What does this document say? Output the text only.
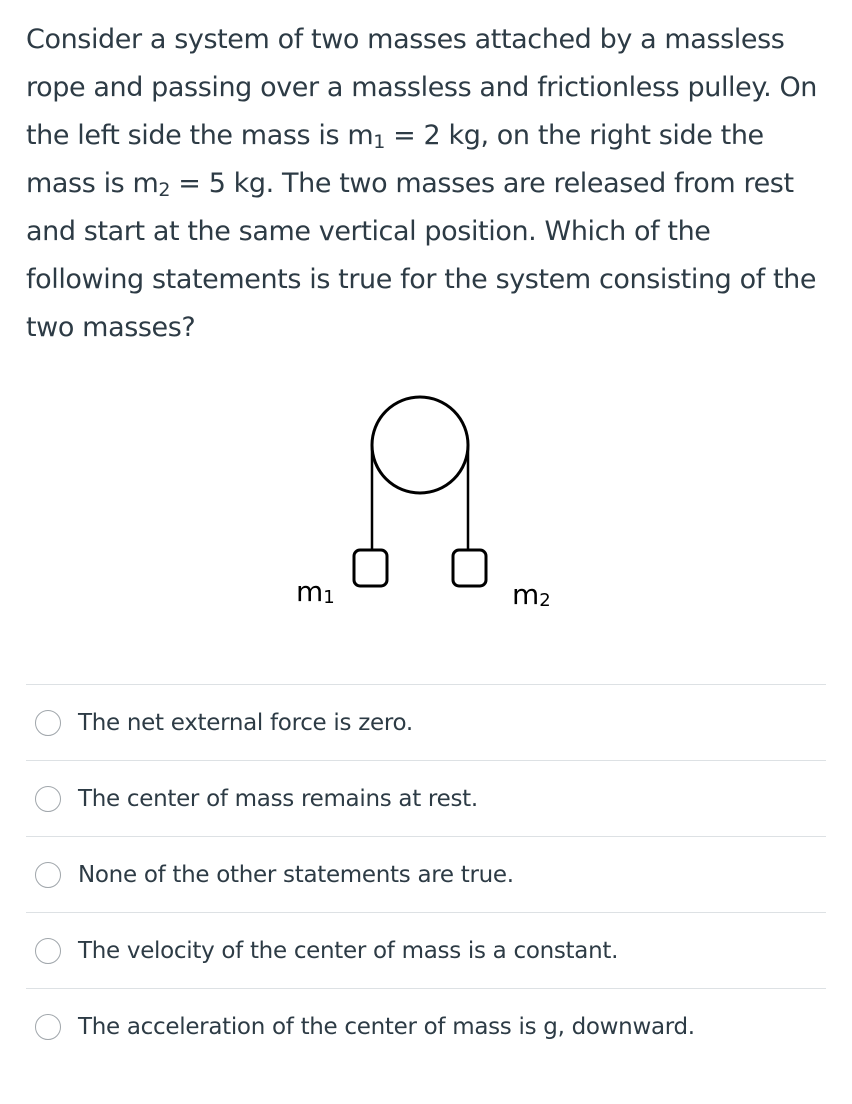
Consider a system of two masses attached by a massless rope and passing over a massless and frictionless pulley. On the left side the mass is $m_1 = 2$ kg, on the right side the mass is $m_2 = 5$ kg. The two masses are released from rest and start at the same vertical position. Which of the following statements is true for the system consisting of the two masses?
$m_1$	$m_2$
The net external force is zero.
The center of mass remains at rest.
None of the other statements are true.
The velocity of the center of mass is a constant.
The acceleration of the center of mass is g, downward.
